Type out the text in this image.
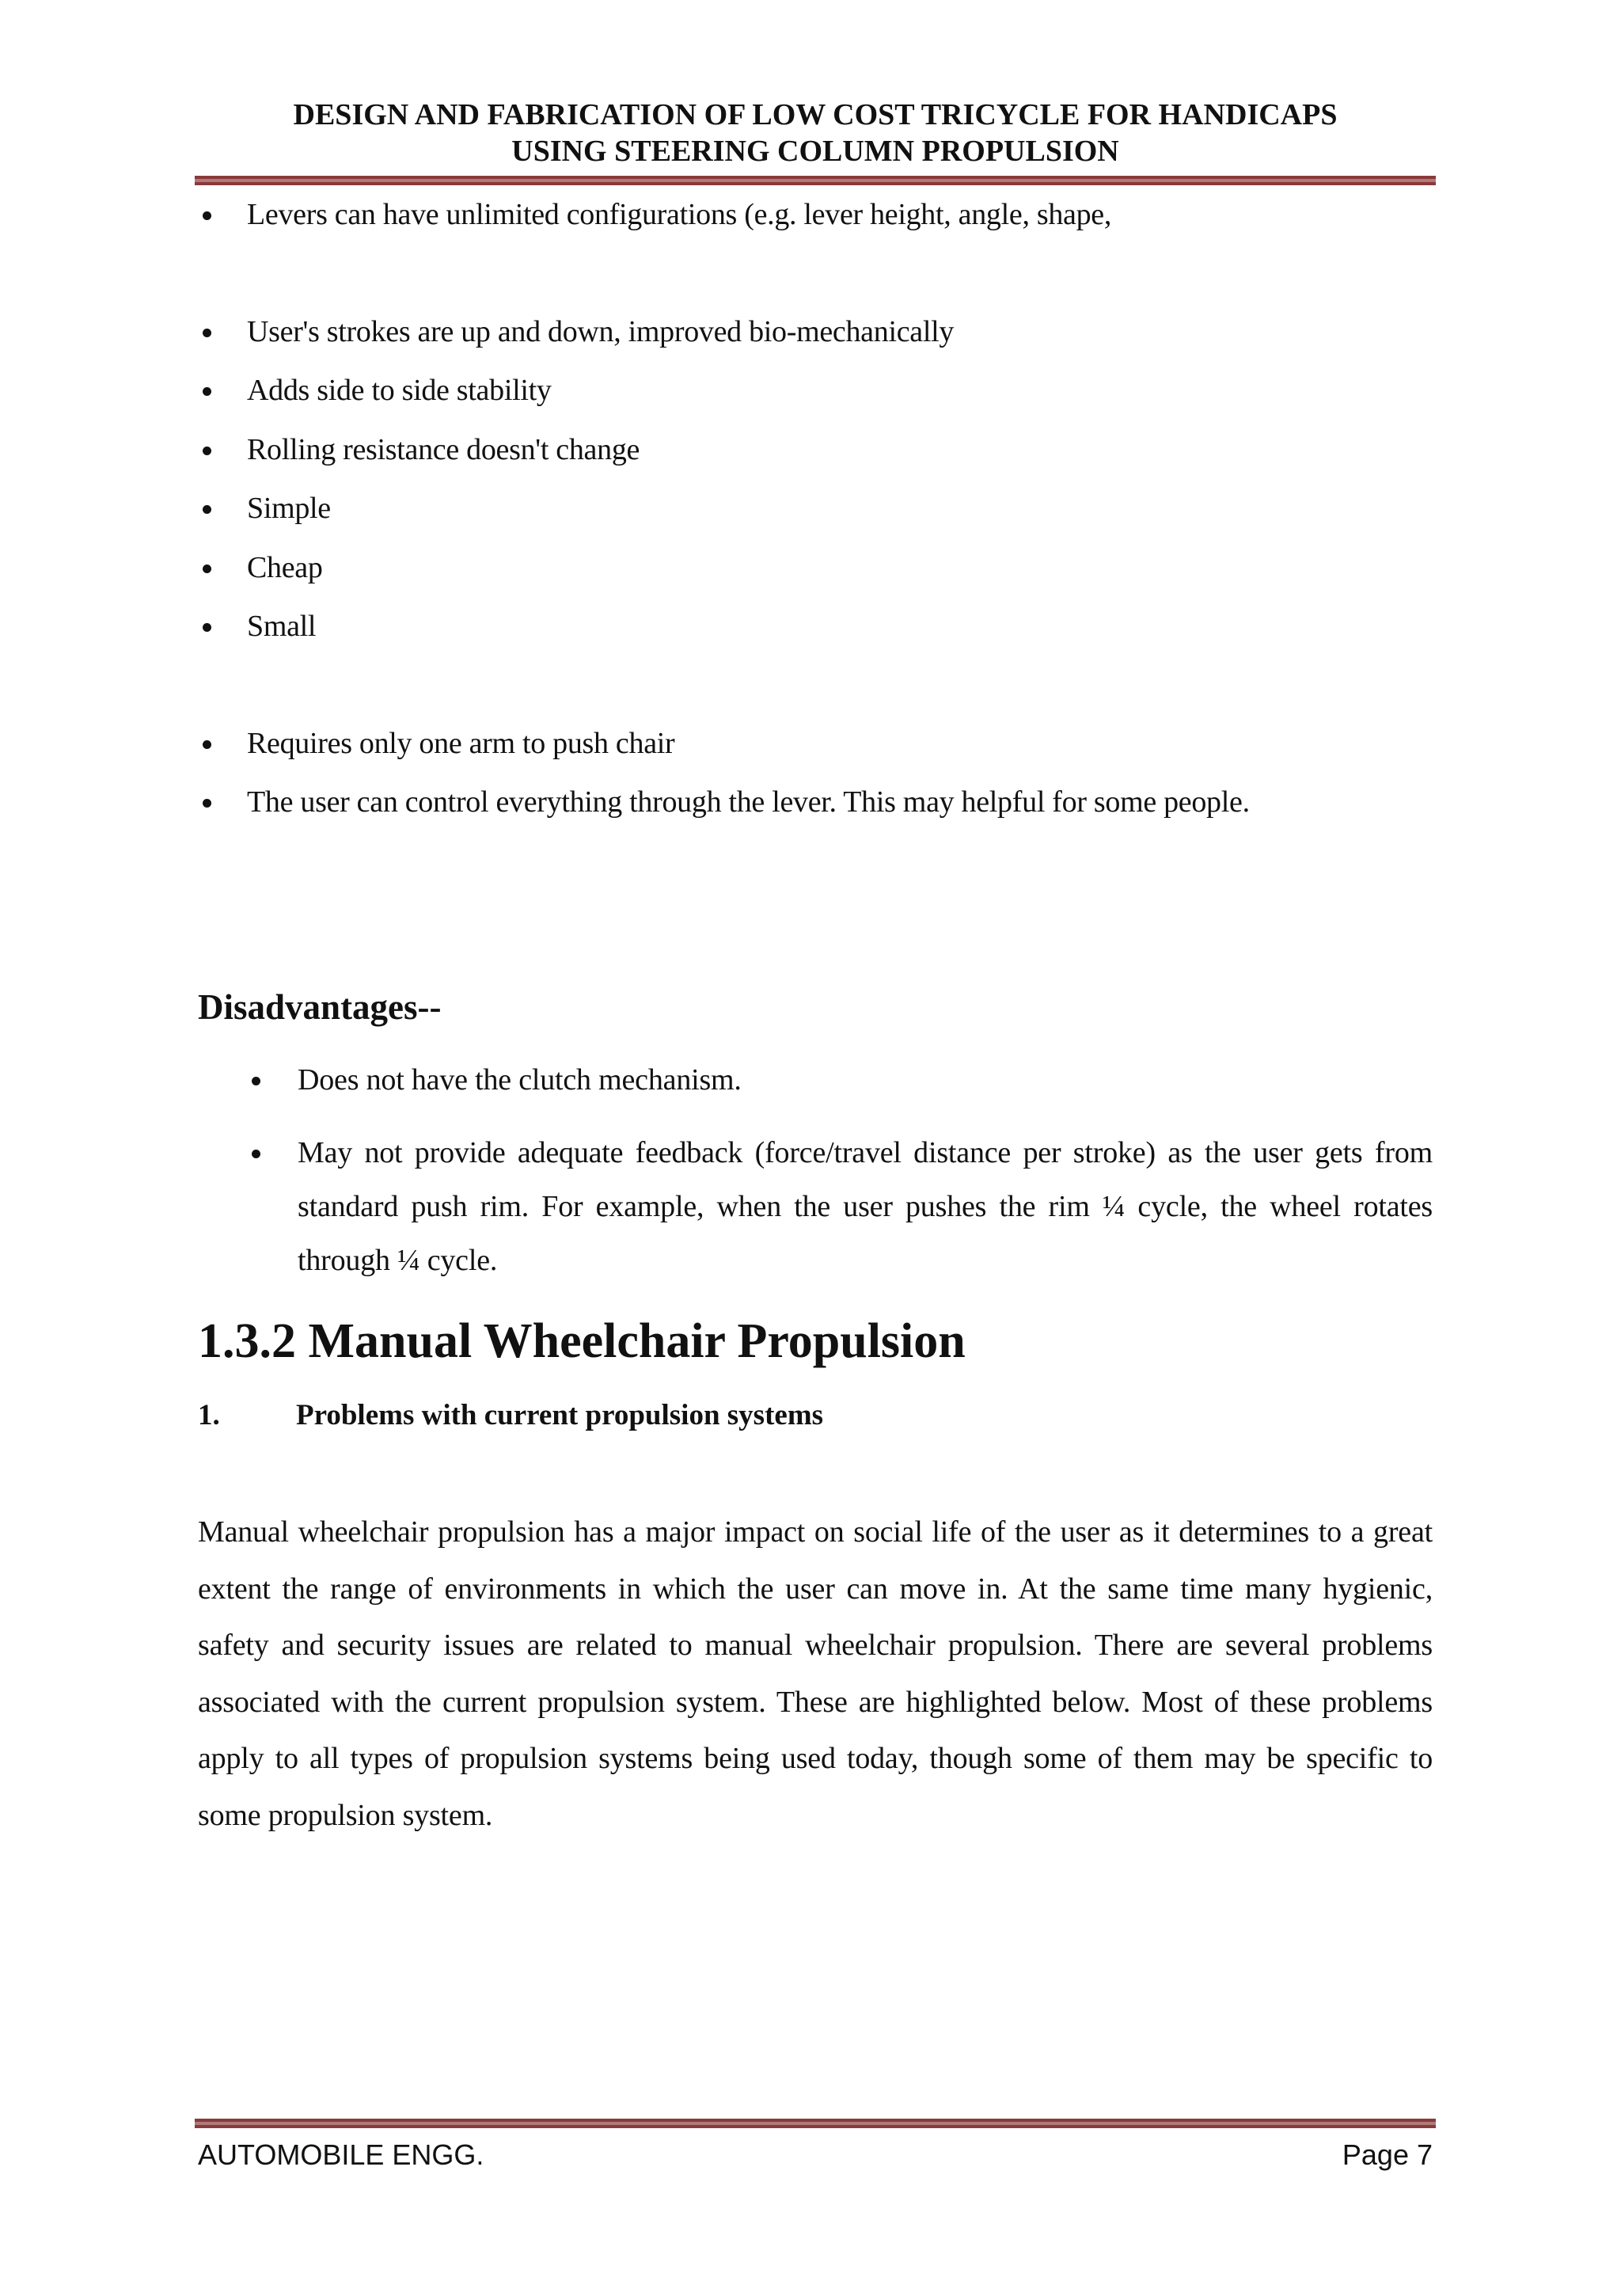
DESIGN AND FABRICATION OF LOW COST TRICYCLE FOR HANDICAPS
USING STEERING COLUMN PROPULSION
Levers can have unlimited configurations (e.g. lever height, angle, shape,
User's strokes are up and down, improved bio-mechanically
Adds side to side stability
Rolling resistance doesn't change
Simple
Cheap
Small
Requires only one arm to push chair
The user can control everything through the lever. This may helpful for some people.
Disadvantages--
Does not have the clutch mechanism.
May not provide adequate feedback (force/travel distance per stroke) as the user gets from standard push rim. For example, when the user pushes the rim ¼ cycle, the wheel rotates through ¼ cycle.
1.3.2 Manual Wheelchair Propulsion
1.	Problems with current propulsion systems

Manual wheelchair propulsion has a major impact on social life of the user as it determines to a great extent the range of environments in which the user can move in. At the same time many hygienic, safety and security issues are related to manual wheelchair propulsion. There are several problems associated with the current propulsion system. These are highlighted below. Most of these problems apply to all types of propulsion systems being used today, though some of them may be specific to some propulsion system.

AUTOMOBILE ENGG.	Page 7
